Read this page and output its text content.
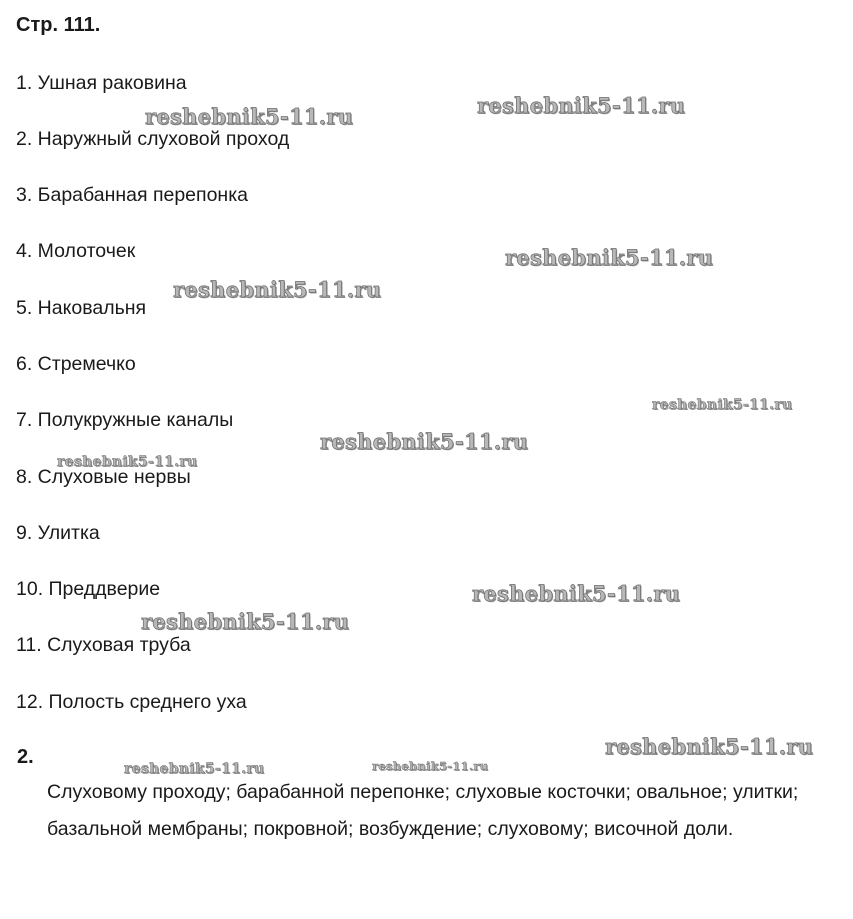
Стр. 111.
1. Ушная раковина
2. Наружный слуховой проход
3. Барабанная перепонка
4. Молоточек
5. Наковальня
6. Стремечко
7. Полукружные каналы
8. Слуховые нервы
9. Улитка
10. Преддверие
11. Слуховая труба
12. Полость среднего уха
2.
Слуховому проходу; барабанной перепонке; слуховые косточки; овальное; улитки; базальной мембраны; покровной; возбуждение; слуховому; височной доли.
reshebnik5-11.ru	reshebnik5-11.ru
reshebnik5-11.ru
reshebnik5-11.ru
reshebnik5-11.ru
reshebnik5-11.ru
reshebnik5-11.ru
reshebnik5-11.ru
reshebnik5-11.ru
reshebnik5-11.ru
reshebnik5-11.ru	reshebnik5-11.ru
